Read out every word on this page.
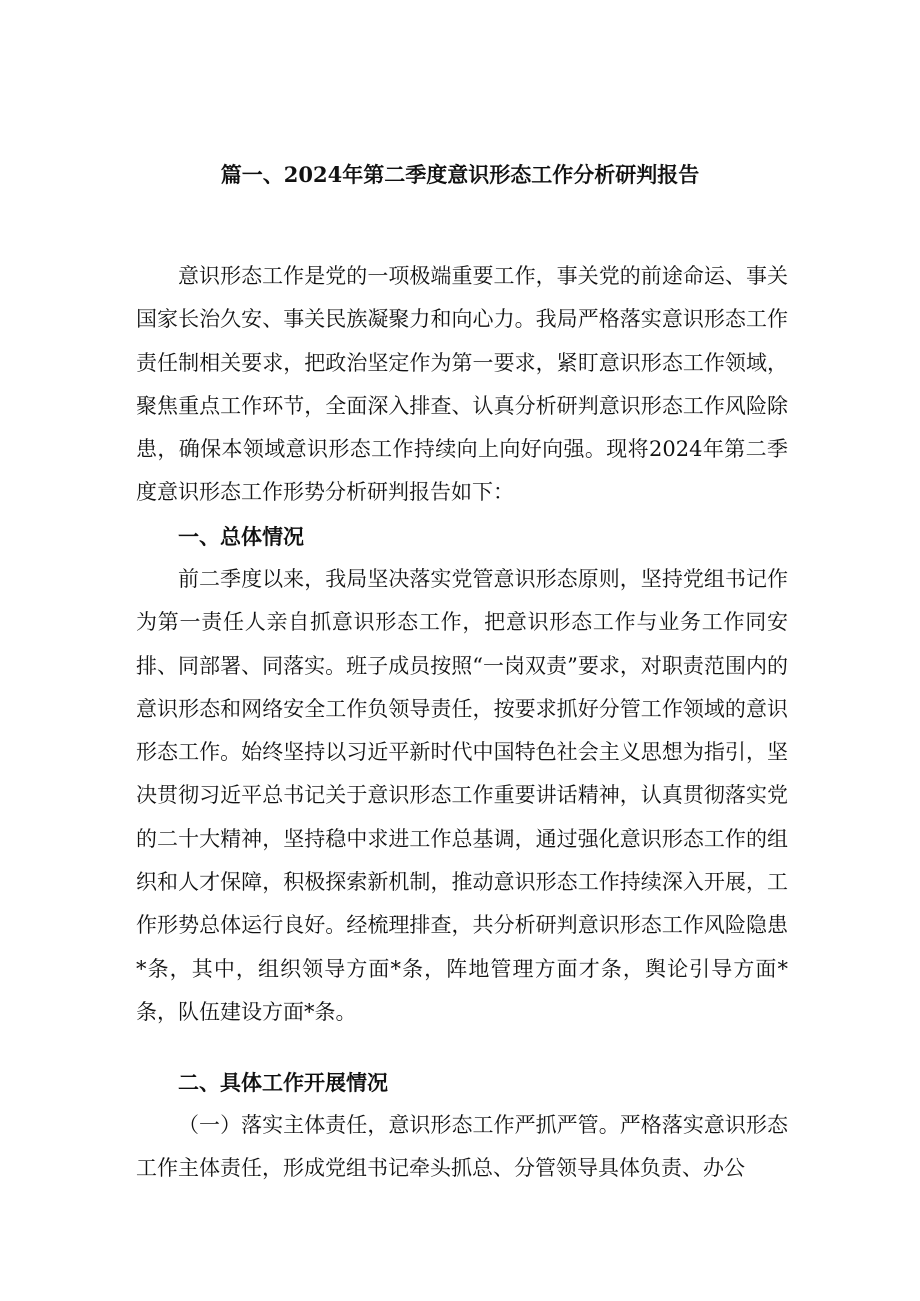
篇一、2024年第二季度意识形态工作分析研判报告

意识形态工作是党的一项极端重要工作，事关党的前途命运、事关国家长治久安、事关民族凝聚力和向心力。我局严格落实意识形态工作责任制相关要求，把政治坚定作为第一要求，紧盯意识形态工作领域，聚焦重点工作环节，全面深入排查、认真分析研判意识形态工作风险除患，确保本领域意识形态工作持续向上向好向强。现将2024年第二季度意识形态工作形势分析研判报告如下：

一、总体情况

前二季度以来，我局坚决落实党管意识形态原则，坚持党组书记作为第一责任人亲自抓意识形态工作，把意识形态工作与业务工作同安排、同部署、同落实。班子成员按照“一岗双责”要求，对职责范围内的意识形态和网络安全工作负领导责任，按要求抓好分管工作领域的意识形态工作。始终坚持以习近平新时代中国特色社会主义思想为指引，坚决贯彻习近平总书记关于意识形态工作重要讲话精神，认真贯彻落实党的二十大精神，坚持稳中求进工作总基调，通过强化意识形态工作的组织和人才保障，积极探索新机制，推动意识形态工作持续深入开展，工作形势总体运行良好。经梳理排查，共分析研判意识形态工作风险隐患*条，其中，组织领导方面*条，阵地管理方面才条，舆论引导方面*条，队伍建设方面*条。

二、具体工作开展情况

（一）落实主体责任，意识形态工作严抓严管。严格落实意识形态工作主体责任，形成党组书记牵头抓总、分管领导具体负责、办公
